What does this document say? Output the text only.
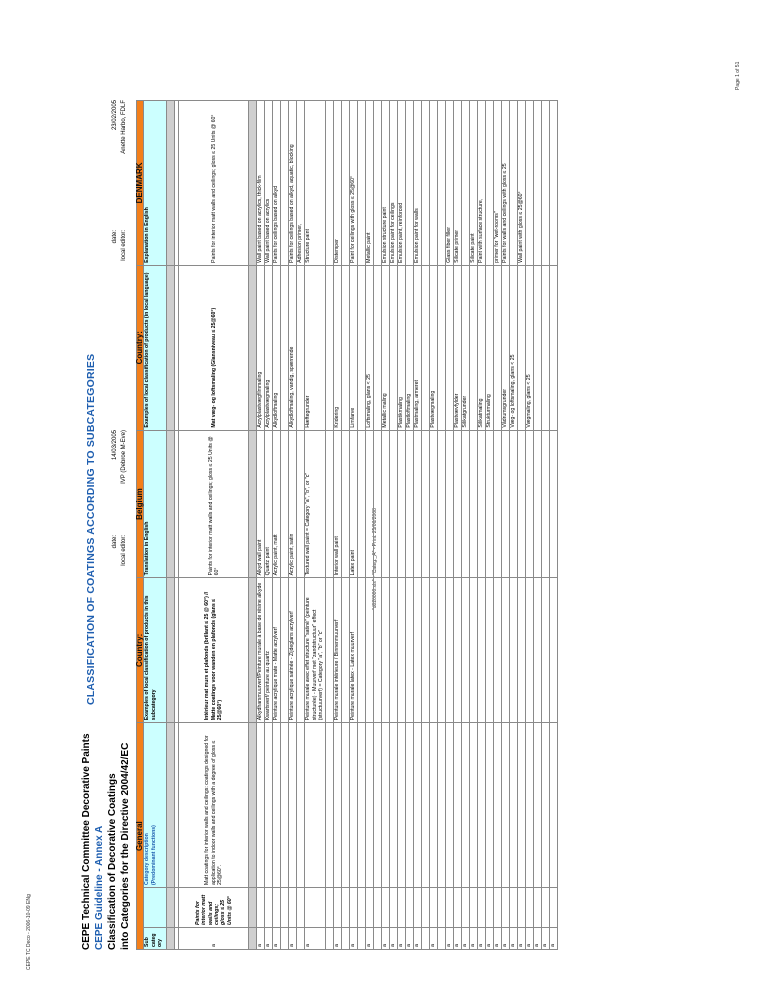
CEPE TC Deco - 2006-10-09 ENg
"d020000.xls" - "Categ._A" - Print: 25/06/2008
Page 1 of 51
CEPE Technical Committee Decorative Paints CEPE Guideline - Annex A Classification of Decorative Coatings into Categories for the Directive 2004/42/EC
CLASSIFICATION OF COATINGS ACCORDING TO SUBCATEGORIES	date: local editor:
14/03/2005 IVP (Debroe M-Eve)
date: local editor:
23/02/2005 Anette Harbo, FDLF
General			Country:	Belgium	Country:	DENMARK
Sub categ ory		Category description (Predominant functions)	Examples of local classification of products in this subcategory	Translation in English	Examples of local classification of products (in local language)	Explanation in English

a	Paints for interior matt walls and ceilings; gloss ≤ 25 Units @ 60°	Matt coatings for interior walls and ceilings: coatings designed for application to indoor walls and ceilings with a degree of gloss ≤ 25@60°.	Intérieur mat murs et plafonds (brillant ≤ 25 @ 60°) // Matte coatings voor wanden en plafonds (glans ≤ 25@60°)	Paints for interior matt walls and ceilings; gloss ≤ 25 Units @ 60°	Mat væg- og loftsmaling (Glansniveau ≤ 25@60°)	Paints for interior matt walls and ceilings; gloss ≤ 25 Units @ 60°

a			Alkydharsmuurverf/Peinture murale à base de résine alkyde	Alkyd wall paint	Acrylplastvægfilmmaling	Wall paint based on acrylics, thick-film
a			Kwartsverf/ peinture au quartz	Quartz paint	Acrylplastvægmaling	Wall paint based on acrylics
a			Peinture acrylique mate - Matte acrylverf	Acrylic paint, matt	Alkydloftmaling	Paints for ceilings based on alkyd

a			Peinture acrylique satinée - Zijdeglans acrylverf	Acrylic paint, satin	Alkydloftmaling, vandig, spærrende	Paints for ceilings based on alkyd, aquatic, blocking
						Adhesion primer,
a			Peinture murale avec effet structure "satiné" (peinture structurée) - Muurverf met "zandstructuur" effect (structuurverf) = Category "a", "b" or "c"	Textured wall paint = Category "a", "b", or "c"	Hæftegrunder	Structure paint

a			Peinture murale intérieure / Binnenmuurverf	Interior wall paint	Kridering	Distemper

a			Peinture murale latex - Latex muurverf	Latex paint	Limfarve	Paint for ceilings with gloss ≤ 25@60°

a					Loftsmaling, glans < 25	Metallic paint

a					Metallic maling	Emulsion structure paint
a						Emulsion paint for ceilings
a					Plastikmaling	Emulsion paint, reinforced
a					Plastloftmaling	
a					Plastmaling, armeret	Emulsion paint for walls

a					Plastvægmaling	

a						Glass fiber filler
a					Plastvævfylder	Silicate primer
a					Silikatgrunder	
a						Silicate paint
a					Silikatmaling	Paint with surface structure,
a					Strukturmaling	
a						primer for "wet-rooms"
a					Vådrumsgrunder	Paints for walls and ceilings with gloss ≤ 25
a					Væg- og loftsmaling, glans < 25	
a						Wall paint with gloss ≤ 25@60°
a					Vægmaling, glans < 25	
a						
a						
a						
